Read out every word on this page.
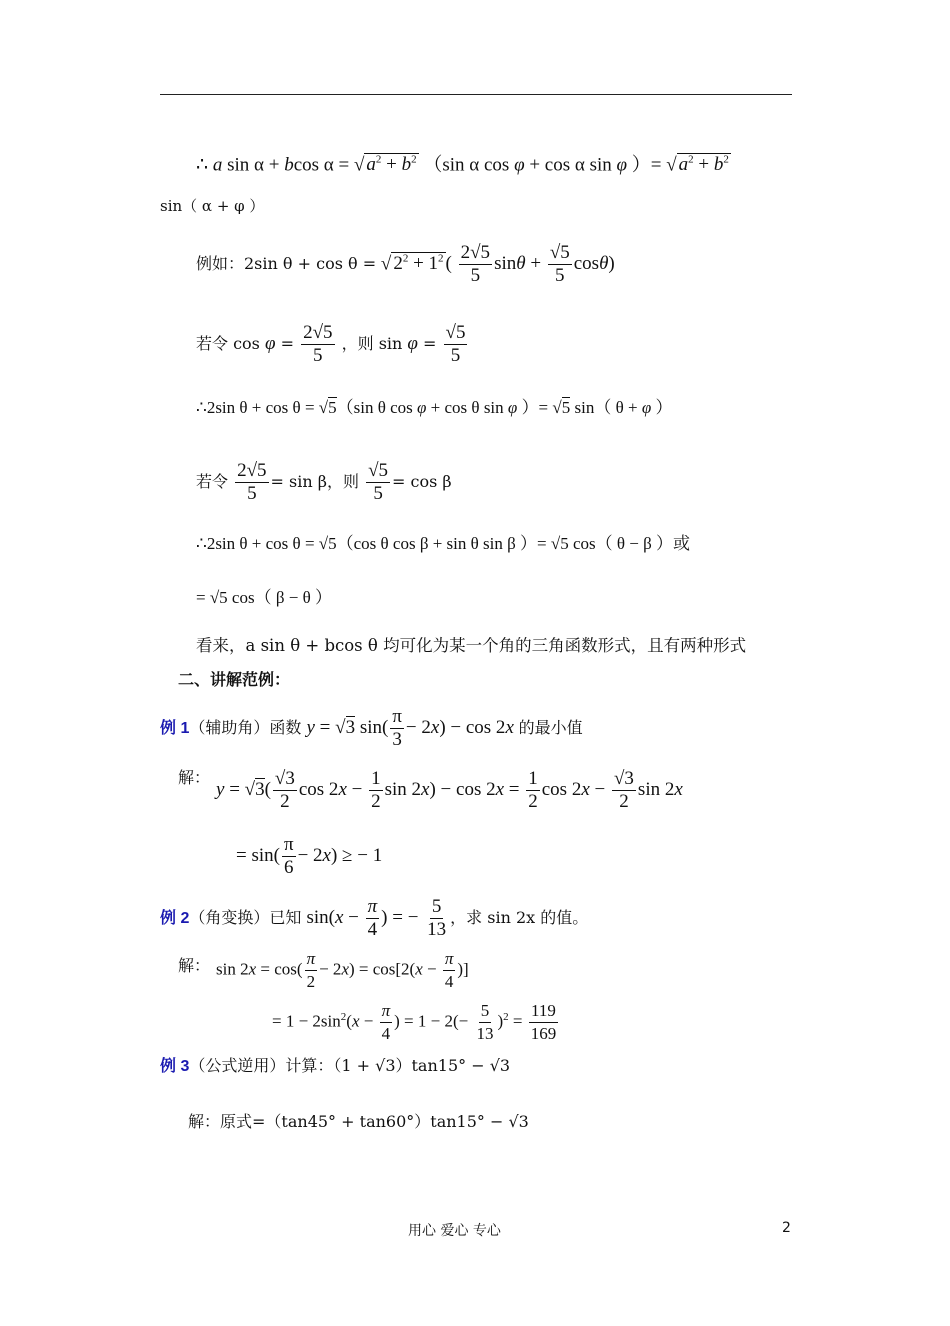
∴ a sin α + bcos α = √ $a^2 + b^2$ （sin α cos φ + cos α sin φ ）= √ $a^2 + b^2$
sin（ α + φ ）
例如：2sin θ + cos θ = √ $2^2 + 1^2$ ( $\frac{2√5}{5}$ $\sin\theta + \frac{√5}{5} \cos\theta$)
若令 $\cos \varphi = \frac{2√5}{5}$ ，则 $\sin \varphi = \frac{√5}{5}$
∴2sin θ + cos θ = √5（sin θ cos φ + cos θ sin φ ）= √5 sin（ θ + φ ）
若令 $\frac{2√5}{5} = \sin \beta$，则 $\frac{√5}{5} = \cos \beta$
∴2sin θ + cos θ = √5（cos θ cos β + sin θ sin β ）= √5 cos（ θ − β ）或
= √5 cos（ β − θ ）
看来，a sin θ + bcos θ 均可化为某一个角的三角函数形式，且有两种形式
二、讲解范例：
例 1（辅助角）函数 y = √3 $\sin( \frac{\pi}{3} - 2x) - \cos 2x$ 的最小值
解：
$y = √3( \frac{√3}{2}$ $\cos 2x - \frac{1}{2}$ $\sin 2x) - \cos 2x = \frac{1}{2}$ $\cos 2x - \frac{√3}{2}$ sin 2x
= $\sin( \frac{\pi}{6} - 2x)$ ≥ − 1
例 2（角变换）已知 $\sin(x - \frac{\pi}{4}$ ) = − $\frac{5}{13}$ ，求 sin 2x 的值。
解： $\sin 2x = \cos( \frac{\pi}{2} - 2x) = \cos[2(x - \frac{\pi}{4}$ )]
= $1 - 2\sin^2(x - \frac{\pi}{4}$ ) = $1 - 2(- \frac{5}{13} )^2 = \frac{119}{169}$
例 3（公式逆用）计算：（1 + √3）tan15° − √3
解：原式=（tan45° + tan60°）tan15° − √3
用心 爱心 专心	2
